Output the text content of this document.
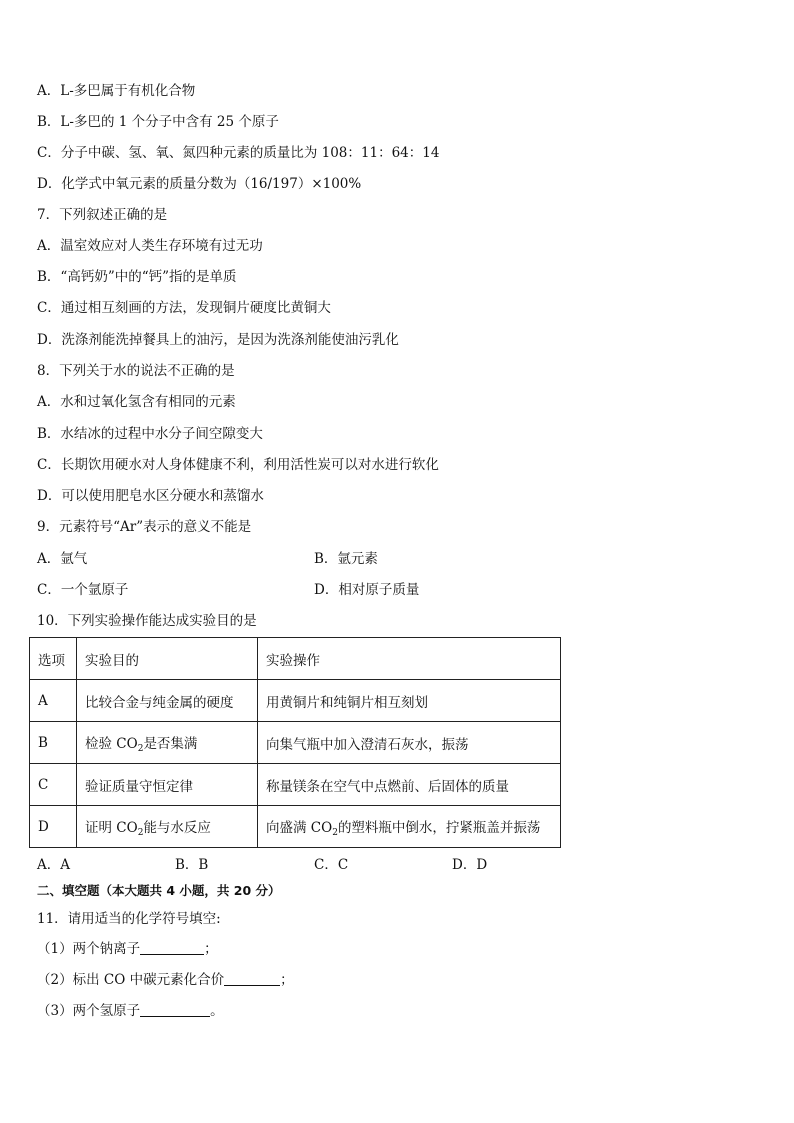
A．L-多巴属于有机化合物
B．L-多巴的 1 个分子中含有 25 个原子
C．分子中碳、氢、氧、氮四种元素的质量比为 108：11：64：14
D．化学式中氧元素的质量分数为（16/197）×100%
7．下列叙述正确的是
A．温室效应对人类生存环境有过无功
B．“高钙奶”中的“钙”指的是单质
C．通过相互刻画的方法，发现铜片硬度比黄铜大
D．洗涤剂能洗掉餐具上的油污，是因为洗涤剂能使油污乳化
8．下列关于水的说法不正确的是
A．水和过氧化氢含有相同的元素
B．水结冰的过程中水分子间空隙变大
C．长期饮用硬水对人身体健康不利，利用活性炭可以对水进行软化
D．可以使用肥皂水区分硬水和蒸馏水
9．元素符号“Ar”表示的意义不能是
A．氩气	B．氩元素
C．一个氩原子	D．相对原子质量
10．下列实验操作能达成实验目的是
选项	实验目的	实验操作
A	比较合金与纯金属的硬度	用黄铜片和纯铜片相互刻划
B	检验 $CO_2$是否集满	向集气瓶中加入澄清石灰水，振荡
C	验证质量守恒定律	称量镁条在空气中点燃前、后固体的质量
D	证明 $CO_2$能与水反应	向盛满 $CO_2$的塑料瓶中倒水，拧紧瓶盖并振荡
A．A	B．B	C．C	D．D
二、填空题（本大题共 4 小题，共 20 分）
11．请用适当的化学符号填空:
（1）两个钠离子	；
（2）标出 CO 中碳元素化合价	；
（3）两个氢原子	。
